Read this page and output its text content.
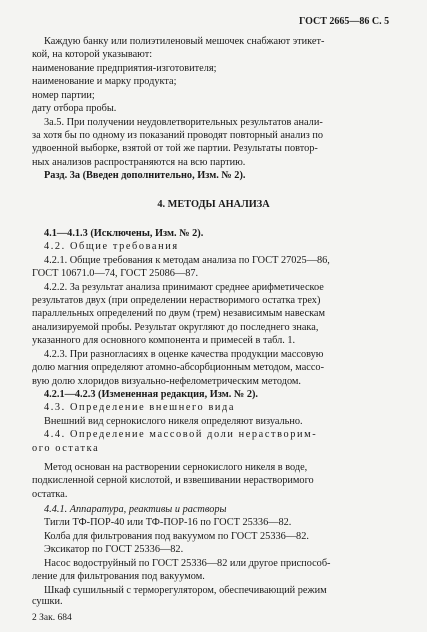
ГОСТ 2665—86 С. 5
Каждую банку или полиэтиленовый мешочек снабжают этикет-
кой, на которой указывают:
наименование предприятия-изготовителя;
наименование и марку продукта;
номер партии;
дату отбора пробы.
3а.5. При получении неудовлетворительных результатов анали-
за хотя бы по одному из показаний проводят повторный анализ по
удвоенной выборке, взятой от той же партии. Результаты повтор-
ных анализов распространяются на всю партию.
Разд. 3а (Введен дополнительно, Изм. № 2).
4. МЕТОДЫ АНАЛИЗА
4.1—4.1.3 (Исключены, Изм. № 2).
4.2. Общие требования
4.2.1. Общие требования к методам анализа по ГОСТ 27025—86,
ГОСТ 10671.0—74, ГОСТ 25086—87.
4.2.2. За результат анализа принимают среднее арифметическое
результатов двух (при определении нерастворимого остатка трех)
параллельных определений по двум (трем) независимым навескам
анализируемой пробы. Результат округляют до последнего знака,
указанного для основного компонента и примесей в табл. 1.
4.2.3. При разногласиях в оценке качества продукции массовую
долю магния определяют атомно-абсорбционным методом, массо-
вую долю хлоридов визуально-нефелометрическим методом.
4.2.1—4.2.3 (Измененная редакция, Изм. № 2).
4.3. Определение внешнего вида
Внешний вид сернокислого никеля определяют визуально.
4.4. Определение массовой доли нерастворим-
ого остатка
Метод основан на растворении сернокислого никеля в воде,
подкисленной серной кислотой, и взвешивании нерастворимого
остатка.
4.4.1. Аппаратура, реактивы и растворы
Тигли ТФ-ПОР-40 или ТФ-ПОР-16 по ГОСТ 25336—82.
Колба для фильтрования под вакуумом по ГОСТ 25336—82.
Эксикатор по ГОСТ 25336—82.
Насос водоструйный по ГОСТ 25336—82 или другое приспособ-
ление для фильтрования под вакуумом.
Шкаф сушильный с терморегулятором, обеспечивающий режим
сушки.
2 Зак. 684
